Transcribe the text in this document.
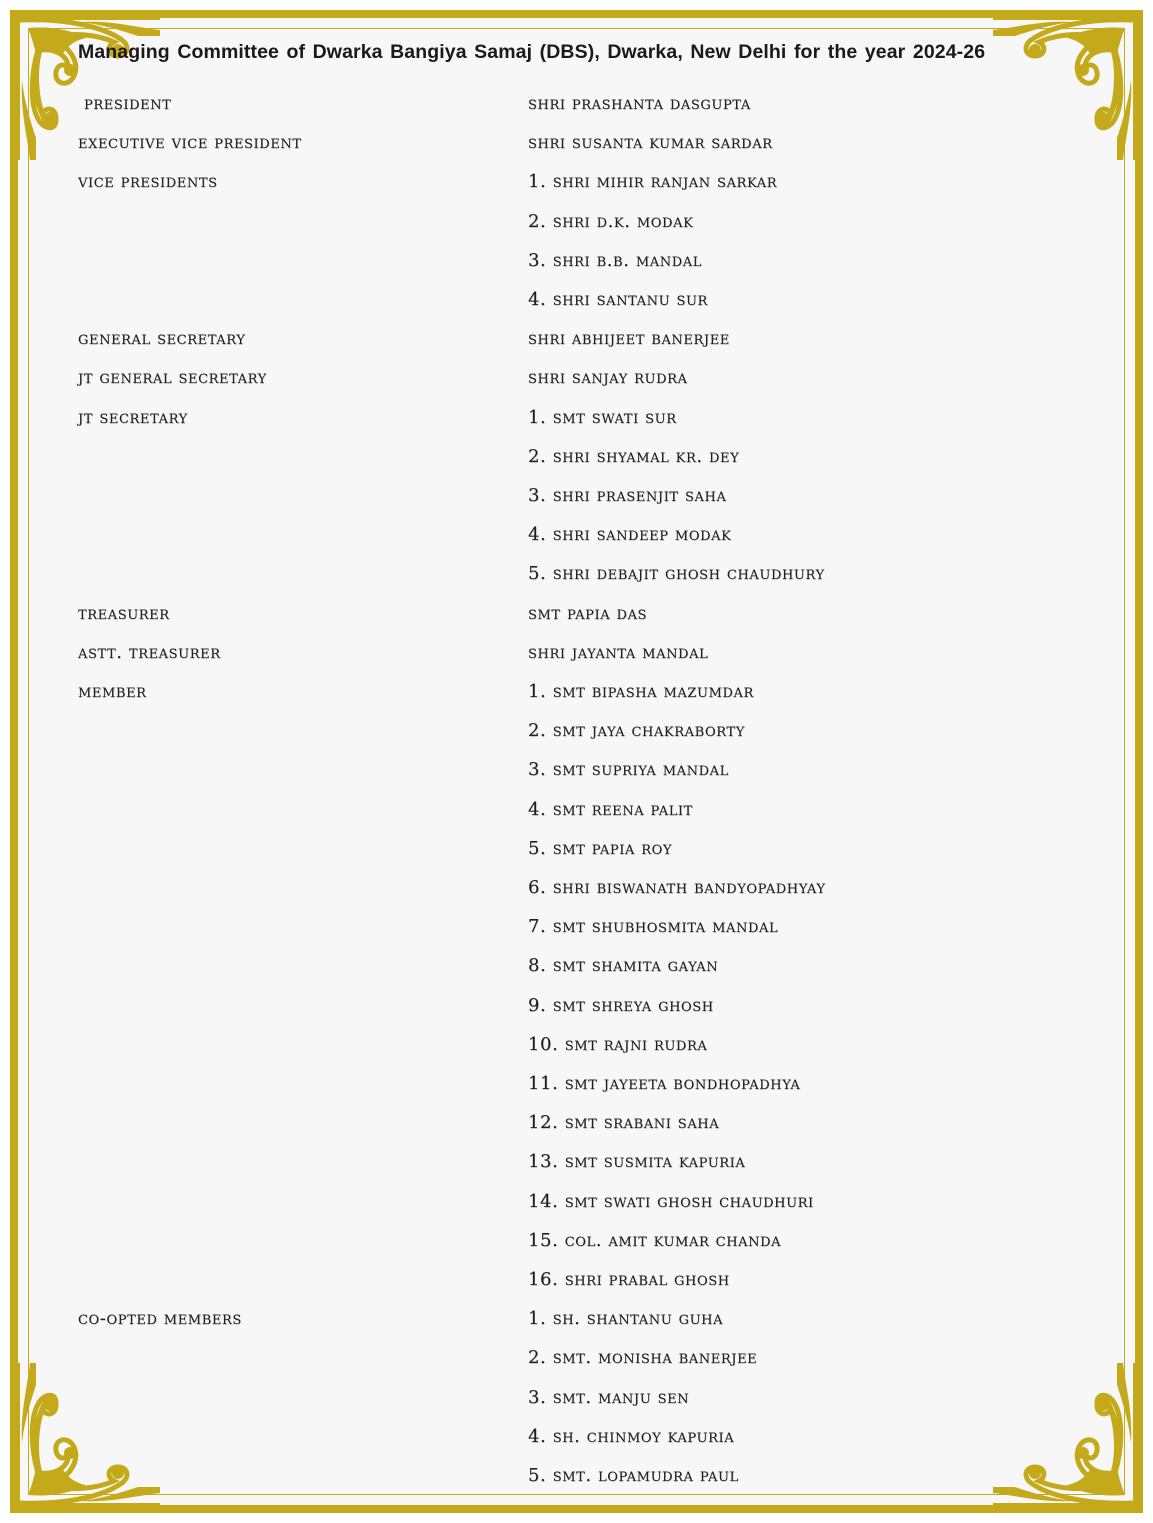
Managing Committee of Dwarka Bangiya Samaj (DBS), Dwarka, New Delhi for the year 2024-26
president	shri prashanta dasgupta
executive vice president	shri susanta kumar sardar
vice presidents	1. shri mihir ranjan sarkar
2. shri d.k. modak
3. shri b.b. mandal
4. shri santanu sur
general secretary	shri abhijeet banerjee
jt general secretary	shri sanjay rudra
jt secretary	1. smt swati sur
2. shri shyamal kr. dey
3. shri prasenjit saha
4. shri sandeep modak
5. shri debajit ghosh chaudhury
treasurer	smt papia das
astt. treasurer	shri jayanta mandal
member	1. smt bipasha mazumdar
2. smt jaya chakraborty
3. smt supriya mandal
4. smt reena palit
5. smt papia roy
6. shri biswanath bandyopadhyay
7. smt shubhosmita mandal
8. smt shamita gayan
9. smt shreya ghosh
10. smt rajni rudra
11. smt jayeeta bondhopadhya
12. smt srabani saha
13. smt susmita kapuria
14. smt swati ghosh chaudhuri
15. col. amit kumar chanda
16. shri prabal ghosh
co-opted members	1. sh. shantanu guha
2. smt. monisha banerjee
3. smt. manju sen
4. sh. chinmoy kapuria
5. smt. lopamudra paul
